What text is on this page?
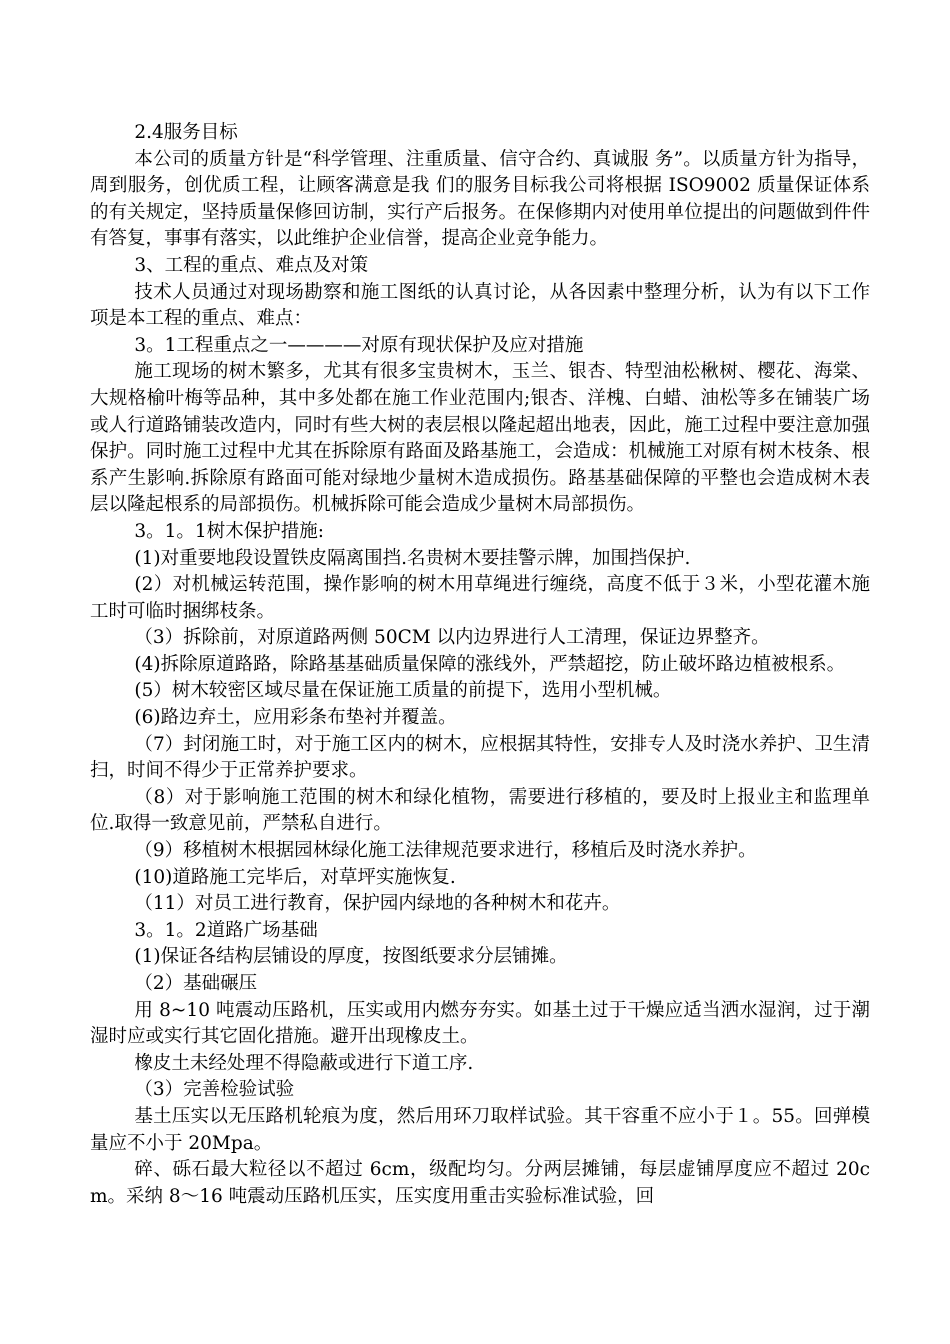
2.4服务目标

本公司的质量方针是“科学管理、注重质量、信守合约、真诚服 务”。以质量方针为指导，周到服务，创优质工程，让顾客满意是我 们的服务目标我公司将根据 ISO9002 质量保证体系的有关规定，坚持质量保修回访制，实行产后报务。在保修期内对使用单位提出的问题做到件件有答复，事事有落实，以此维护企业信誉，提高企业竞争能力。

3、工程的重点、难点及对策

技术人员通过对现场勘察和施工图纸的认真讨论，从各因素中整理分析，认为有以下工作项是本工程的重点、难点：

3。1工程重点之一————对原有现状保护及应对措施

施工现场的树木繁多，尤其有很多宝贵树木，玉兰、银杏、特型油松楸树、樱花、海棠、大规格榆叶梅等品种，其中多处都在施工作业范围内;银杏、洋槐、白蜡、油松等多在铺装广场或人行道路铺装改造内，同时有些大树的表层根以隆起超出地表，因此，施工过程中要注意加强保护。同时施工过程中尤其在拆除原有路面及路基施工，会造成：机械施工对原有树木枝条、根系产生影响.拆除原有路面可能对绿地少量树木造成损伤。路基基础保障的平整也会造成树木表层以隆起根系的局部损伤。机械拆除可能会造成少量树木局部损伤。

3。1。1树木保护措施:

(1)对重要地段设置铁皮隔离围挡.名贵树木要挂警示牌，加围挡保护.

(2）对机械运转范围，操作影响的树木用草绳进行缠绕，高度不低于３米，小型花灌木施工时可临时捆绑枝条。

（3）拆除前，对原道路两侧 50CM 以内边界进行人工清理，保证边界整齐。

(4)拆除原道路路，除路基基础质量保障的涨线外，严禁超挖，防止破坏路边植被根系。

(5）树木较密区域尽量在保证施工质量的前提下，选用小型机械。

(6)路边弃土，应用彩条布垫衬并覆盖。

（7）封闭施工时，对于施工区内的树木，应根据其特性，安排专人及时浇水养护、卫生清扫，时间不得少于正常养护要求。

（8）对于影响施工范围的树木和绿化植物，需要进行移植的，要及时上报业主和监理单位.取得一致意见前，严禁私自进行。

（9）移植树木根据园林绿化施工法律规范要求进行，移植后及时浇水养护。

(10)道路施工完毕后，对草坪实施恢复.

（11）对员工进行教育，保护园内绿地的各种树木和花卉。

3。1。2道路广场基础

(1)保证各结构层铺设的厚度，按图纸要求分层铺摊。

（2）基础碾压

用 8~10 吨震动压路机，压实或用内燃夯夯实。如基土过于干燥应适当洒水湿润，过于潮湿时应或实行其它固化措施。避开出现橡皮土。

橡皮土未经处理不得隐蔽或进行下道工序.

（3）完善检验试验

基土压实以无压路机轮痕为度，然后用环刀取样试验。其干容重不应小于１。55。回弹模量应不小于 20Mpa。

碎、砾石最大粒径以不超过 6cm，级配均匀。分两层摊铺，每层虚铺厚度应不超过 20cm。采纳 8～16 吨震动压路机压实，压实度用重击实验标准试验，回
